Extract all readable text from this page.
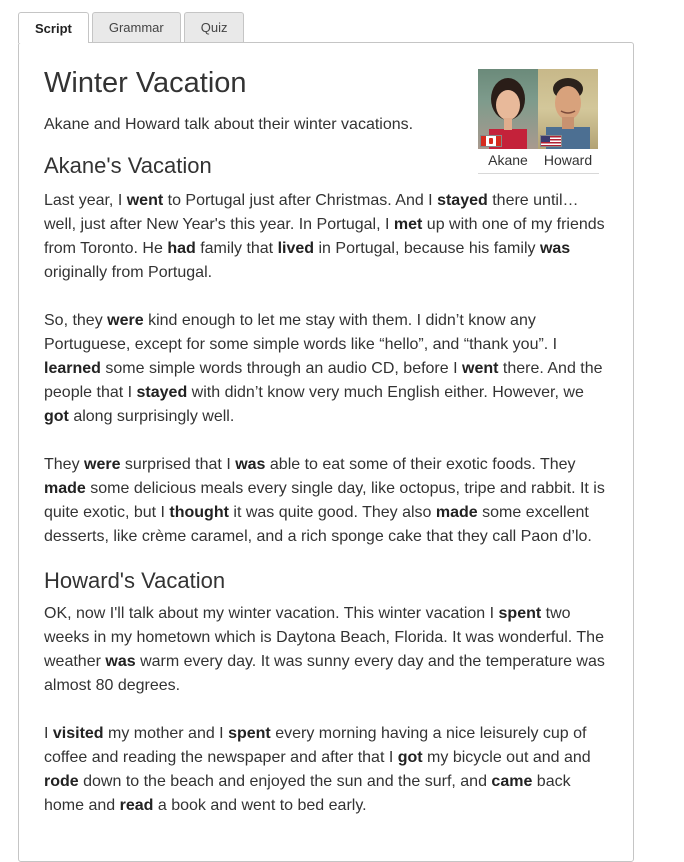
Script	Grammar	Quiz
Akane	Howard
Winter Vacation

Akane and Howard talk about their winter vacations.

Akane's Vacation

Last year, I went to Portugal just after Christmas. And I stayed there until… well, just after New Year's this year. In Portugal, I met up with one of my friends from Toronto. He had family that lived in Portugal, because his family was originally from Portugal.

So, they were kind enough to let me stay with them. I didn’t know any Portuguese, except for some simple words like “hello”, and “thank you”. I learned some simple words through an audio CD, before I went there. And the people that I stayed with didn’t know very much English either. However, we got along surprisingly well.

They were surprised that I was able to eat some of their exotic foods. They made some delicious meals every single day, like octopus, tripe and rabbit. It is quite exotic, but I thought it was quite good. They also made some excellent desserts, like crème caramel, and a rich sponge cake that they call Paon d’lo.

Howard's Vacation

OK, now I'll talk about my winter vacation. This winter vacation I spent two weeks in my hometown which is Daytona Beach, Florida. It was wonderful. The weather was warm every day. It was sunny every day and the temperature was almost 80 degrees.

I visited my mother and I spent every morning having a nice leisurely cup of coffee and reading the newspaper and after that I got my bicycle out and and rode down to the beach and enjoyed the sun and the surf, and came back home and read a book and went to bed early.
